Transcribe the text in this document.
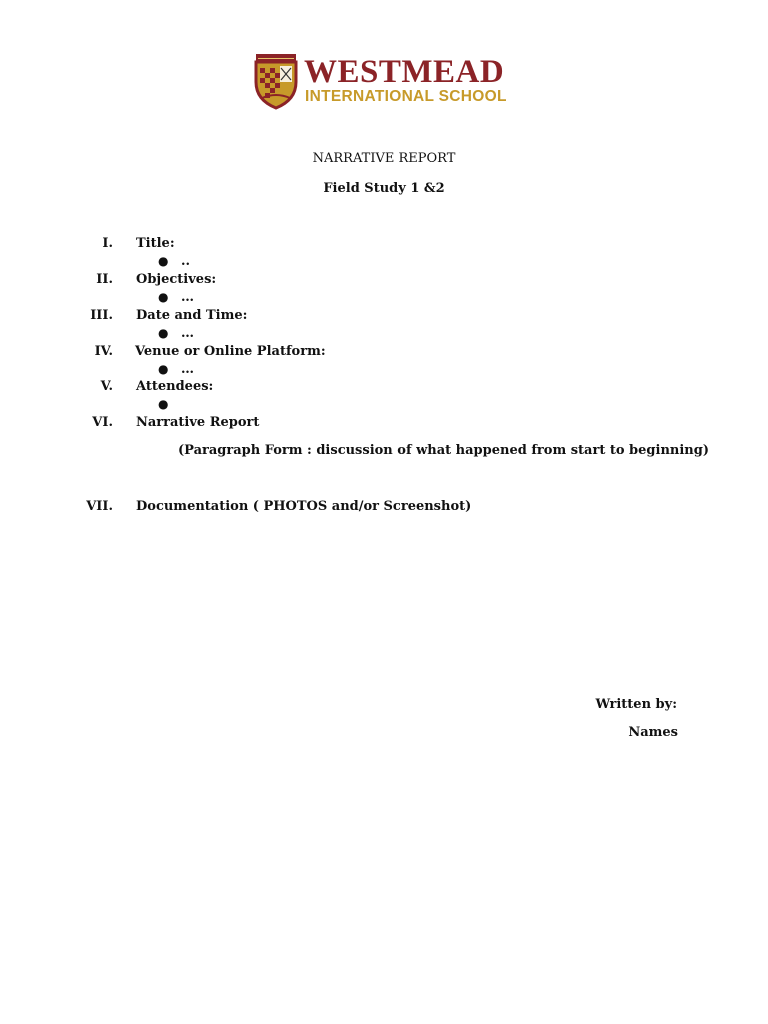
WESTMEAD
INTERNATIONAL SCHOOL
NARRATIVE REPORT
Field Study 1 &2
I. Title:
● ..
II. Objectives:
● …
III. Date and Time:
● …
IV. Venue or Online Platform:
● …
V. Attendees:
●
VI. Narrative Report
(Paragraph Form : discussion of what happened from start to beginning)
VII. Documentation ( PHOTOS and/or Screenshot)
Written by:
Names
